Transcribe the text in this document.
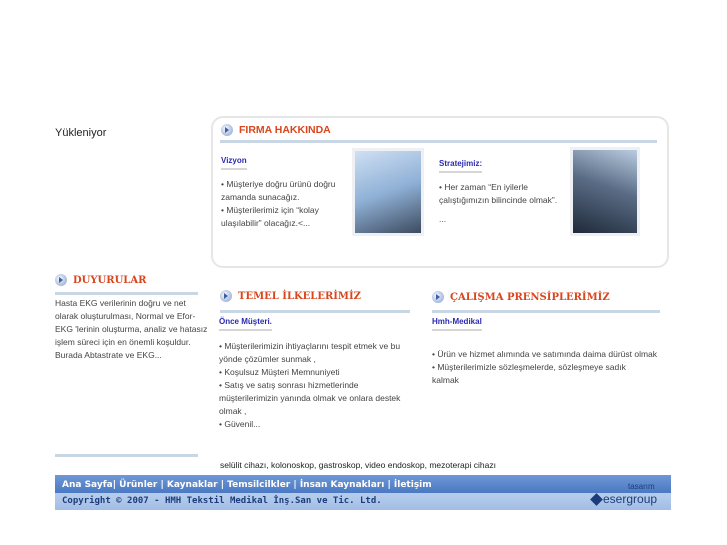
Yükleniyor	FIRMA HAKKINDA
Vizyon
• Müşteriye doğru ürünü doğru zamanda sunacağız.
• Müşterilerimiz için “kolay ulaşılabilir” olacağız.<...
Stratejimiz:
• Her zaman “En iyilerle çalıştığımızın bilincinde olmak”.
...
DUYURULAR
Hasta EKG verilerinin doğru ve net olarak oluşturulması, Normal ve Efor-EKG 'lerinin oluşturma, analiz ve hatasız işlem süreci için en önemli koşuldur. Burada Abtastrate ve EKG...
TEMEL İLKELERİMİZ
Önce Müşteri.
• Müşterilerimizin ihtiyaçlarını tespit etmek ve bu yönde çözümler sunmak ,
• Koşulsuz Müşteri Memnuniyeti
• Satış ve satış sonrası hizmetlerinde müşterilerimizin yanında olmak ve onlara destek olmak ,
• Güvenil...
ÇALIŞMA PRENSİPLERİMİZ
Hmh-Medikal
• Ürün ve hizmet alımında ve satımında daima dürüst olmak
• Müşterilerimizle sözleşmelerde, sözleşmeye sadık kalmak
selülit cihazı, kolonoskop, gastroskop, video endoskop, mezoterapi cihazı
Ana Sayfa| Ürünler | Kaynaklar | Temsilcilkler | İnsan Kaynakları | İletişim
Copyright © 2007 - HMH Tekstil Medikal İnş.San ve Tic. Ltd.
tasarım
esergroup
